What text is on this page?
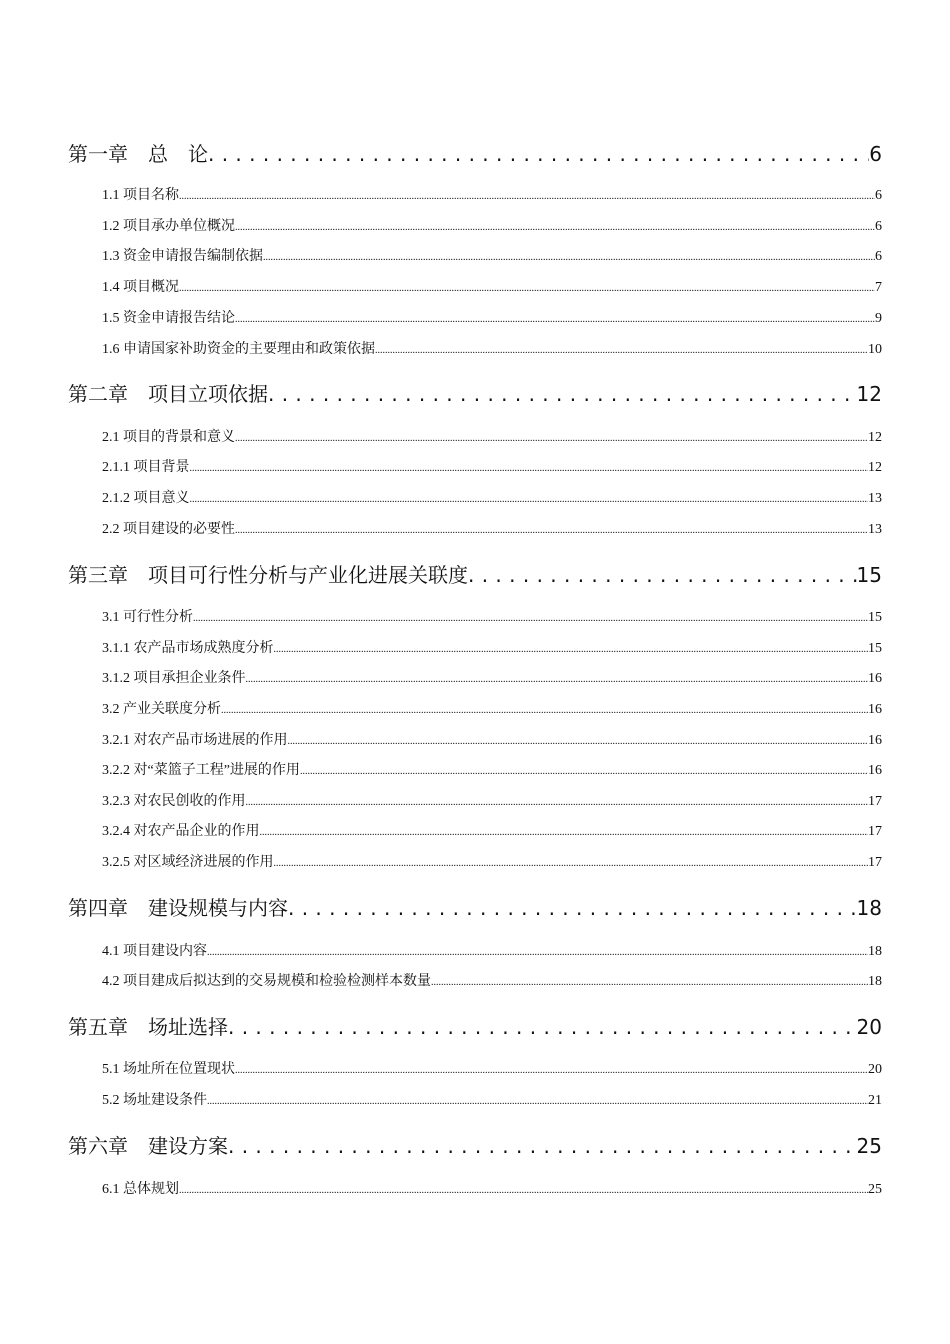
第一章　总　论 . . .	6
1.1 项目名称 .....	6
1.2 项目承办单位概况 .....	6
1.3 资金申请报告编制依据 .....	6
1.4 项目概况 .....	7
1.5 资金申请报告结论 .....	9
1.6 申请国家补助资金的主要理由和政策依据 .....	10
第二章　项目立项依据 . . .	12
2.1 项目的背景和意义 .....	12
2.1.1 项目背景 .....	12
2.1.2 项目意义 .....	13
2.2 项目建设的必要性 .....	13
第三章　项目可行性分析与产业化进展关联度 . . .	15
3.1 可行性分析 .....	15
3.1.1 农产品市场成熟度分析 .....	15
3.1.2 项目承担企业条件 .....	16
3.2 产业关联度分析 .....	16
3.2.1 对农产品市场进展的作用 .....	16
3.2.2 对“菜篮子工程”进展的作用 .....	16
3.2.3 对农民创收的作用 .....	17
3.2.4 对农产品企业的作用 .....	17
3.2.5 对区域经济进展的作用 .....	17
第四章　建设规模与内容 . . .	18
4.1 项目建设内容 .....	18
4.2 项目建成后拟达到的交易规模和检验检测样本数量 .....	18
第五章　场址选择 . . .	20
5.1 场址所在位置现状 .....	20
5.2 场址建设条件 .....	21
第六章　建设方案 . . .	25
6.1 总体规划 .....	25
